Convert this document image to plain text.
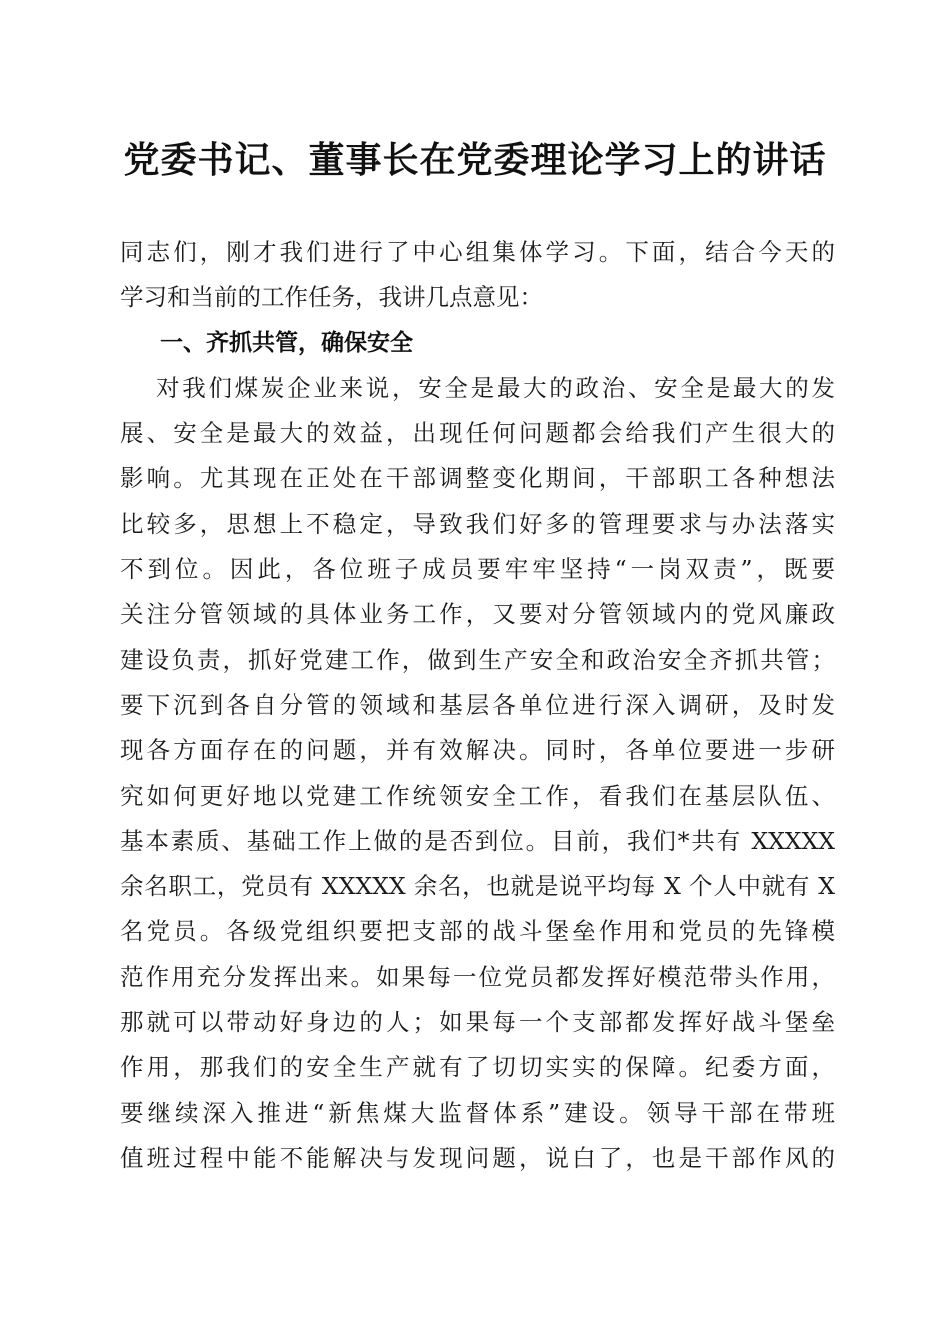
党委书记、董事长在党委理论学习上的讲话
同志们，刚才我们进行了中心组集体学习。下面，结合今天的
学习和当前的工作任务，我讲几点意见：
一、齐抓共管，确保安全
对我们煤炭企业来说，安全是最大的政治、安全是最大的发
展、安全是最大的效益，出现任何问题都会给我们产生很大的
影响。尤其现在正处在干部调整变化期间，干部职工各种想法
比较多，思想上不稳定，导致我们好多的管理要求与办法落实
不到位。因此，各位班子成员要牢牢坚持“一岗双责”，既要
关注分管领域的具体业务工作，又要对分管领域内的党风廉政
建设负责，抓好党建工作，做到生产安全和政治安全齐抓共管；
要下沉到各自分管的领域和基层各单位进行深入调研，及时发
现各方面存在的问题，并有效解决。同时，各单位要进一步研
究如何更好地以党建工作统领安全工作，看我们在基层队伍、
基本素质、基础工作上做的是否到位。目前，我们*共有 XXXXX
余名职工，党员有 XXXXX 余名，也就是说平均每 X 个人中就有 X
名党员。各级党组织要把支部的战斗堡垒作用和党员的先锋模
范作用充分发挥出来。如果每一位党员都发挥好模范带头作用，
那就可以带动好身边的人；如果每一个支部都发挥好战斗堡垒
作用，那我们的安全生产就有了切切实实的保障。纪委方面，
要继续深入推进“新焦煤大监督体系”建设。领导干部在带班
值班过程中能不能解决与发现问题，说白了，也是干部作风的
